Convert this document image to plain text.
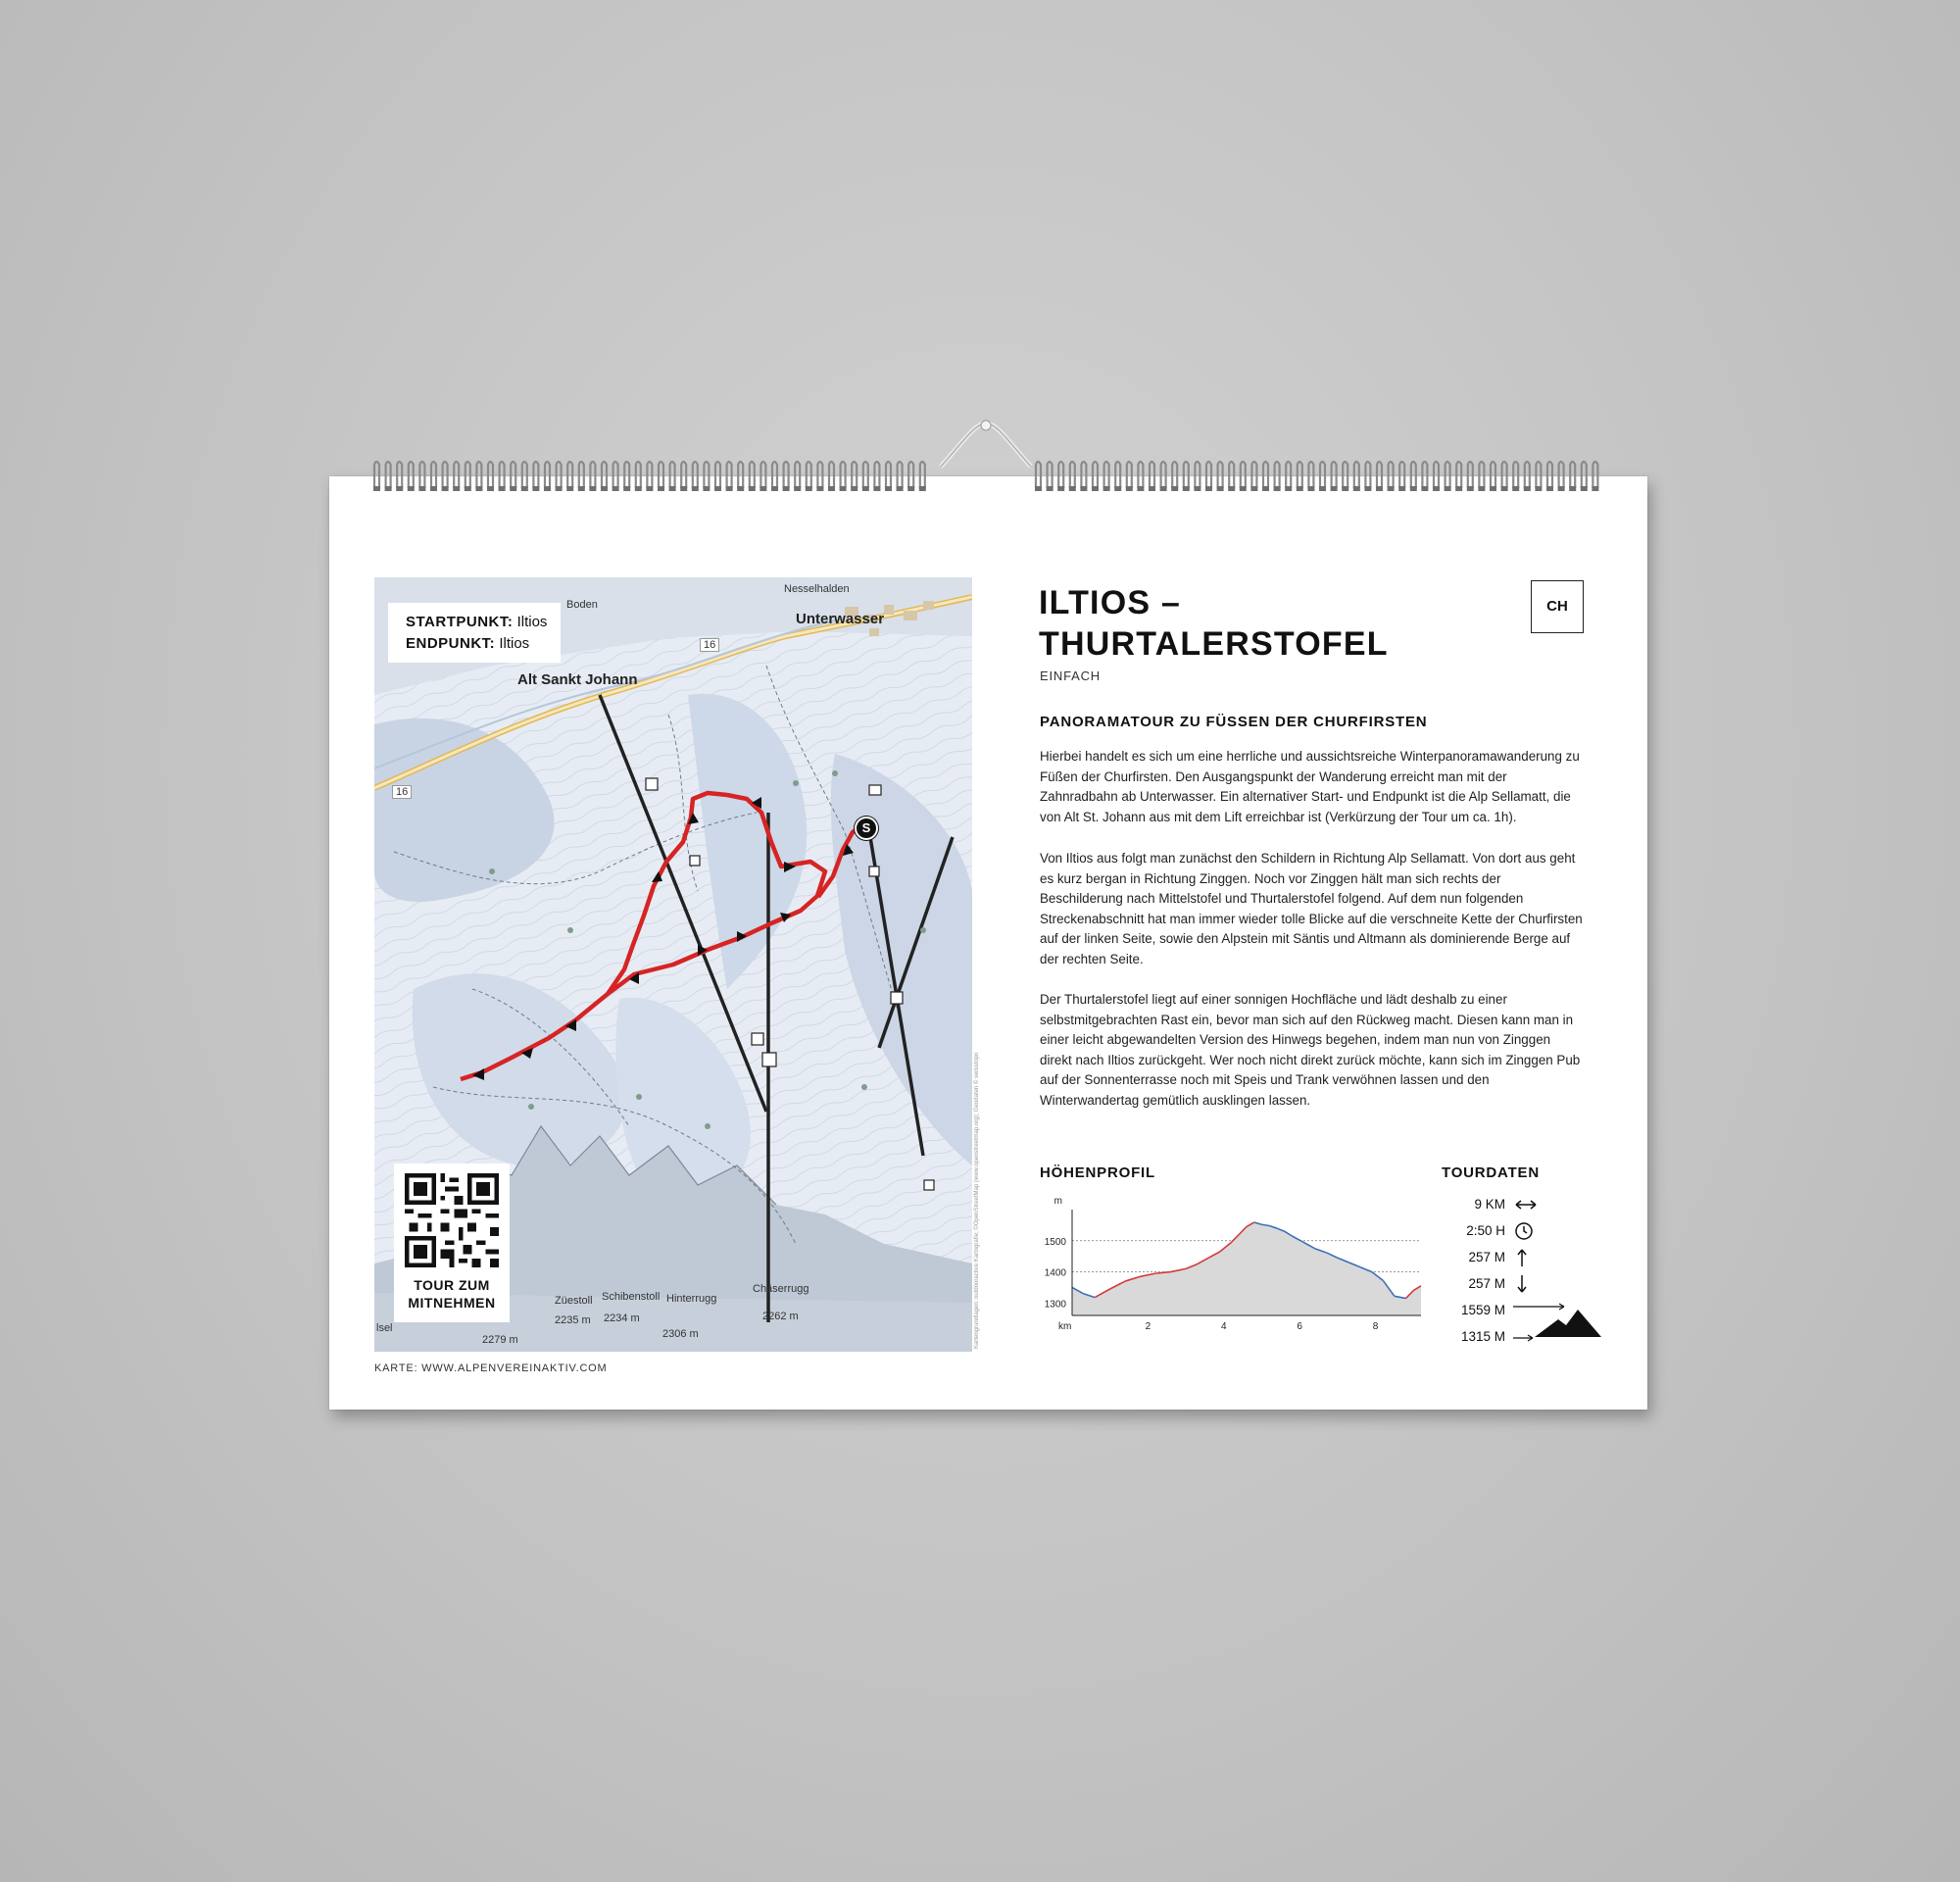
Boden
Nesselhalden
Unterwasser
Alt Sankt Johann
16
16
Chäserrugg
2262 m
Hinterrugg
2306 m
Schibenstoll
2234 m
Züestoll
2235 m
2279 m
lsel
S
STARTPUNKT: Iltios
ENDPUNKT: Iltios
TOUR ZUM
MITNEHMEN	Kartengrundlagen: outdooractive Kartografie; ©OpenStreetMap (www.openstreetmap.org); Geodaten © swisstopo
KARTE: WWW.ALPENVEREINAKTIV.COM
ILTIOS –
THURTALERSTOFEL
EINFACH
CH
PANORAMATOUR ZU FÜSSEN DER CHURFIRSTEN
Hierbei handelt es sich um eine herrliche und aussichtsreiche Winterpanoramawanderung zu Füßen der Churfirsten. Den Ausgangspunkt der Wanderung erreicht man mit der Zahnradbahn ab Unterwasser. Ein alternativer Start- und Endpunkt ist die Alp Sellamatt, die von Alt St. Johann aus mit dem Lift erreichbar ist (Verkürzung der Tour um ca. 1h).
Von Iltios aus folgt man zunächst den Schildern in Richtung Alp Sellamatt. Von dort aus geht es kurz bergan in Richtung Zinggen. Noch vor Zinggen hält man sich rechts der Beschilderung nach Mittelstofel und Thurtalerstofel folgend. Auf dem nun folgenden Streckenabschnitt hat man immer wieder tolle Blicke auf die verschneite Kette der Churfirsten auf der linken Seite, sowie den Alpstein mit Säntis und Altmann als dominierende Berge auf der rechten Seite.
Der Thurtalerstofel liegt auf einer sonnigen Hochfläche und lädt deshalb zu einer selbstmitgebrachten Rast ein, bevor man sich auf den Rückweg macht. Diesen kann man in einer leicht abgewandelten Version des Hinwegs begehen, indem man nun von Zinggen direkt nach Iltios zurückgeht. Wer noch nicht direkt zurück möchte, kann sich im Zinggen Pub auf der Sonnenterrasse noch mit Speis und Trank verwöhnen lassen und den Winterwandertag gemütlich ausklingen lassen.
HÖHENPROFIL
1300
1400
1500
m
2	4	6	8
km
TOURDATEN
9 KM
2:50 H
257 M
257 M
1559 M
1315 M
